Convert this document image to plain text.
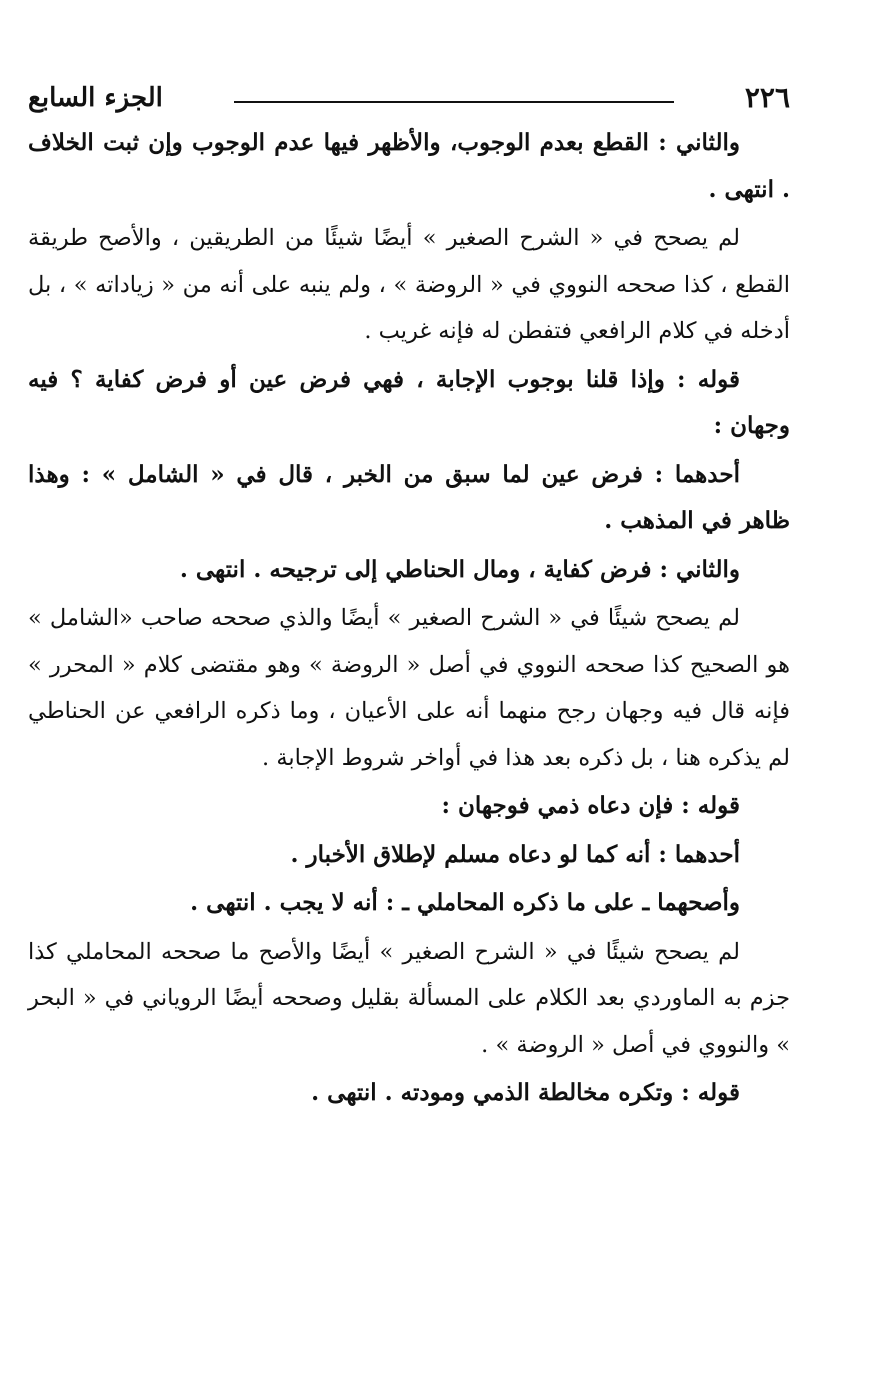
٢٢٦
الجزء السابع

والثاني : القطع بعدم الوجوب، والأظهر فيها عدم الوجوب وإن ثبت الخلاف . انتهى .

لم يصحح في « الشرح الصغير » أيضًا شيئًا من الطريقين ، والأصح طريقة القطع ، كذا صححه النووي في « الروضة » ، ولم ينبه على أنه من « زياداته » ، بل أدخله في كلام الرافعي فتفطن له فإنه غريب .

قوله : وإذا قلنا بوجوب الإجابة ، فهي فرض عين أو فرض كفاية ؟ فيه وجهان :

أحدهما : فرض عين لما سبق من الخبر ، قال في « الشامل » : وهذا ظاهر في المذهب .

والثاني : فرض كفاية ، ومال الحناطي إلى ترجيحه . انتهى .

لم يصحح شيئًا في « الشرح الصغير » أيضًا والذي صححه صاحب «الشامل » هو الصحيح كذا صححه النووي في أصل « الروضة » وهو مقتضى كلام « المحرر » فإنه قال فيه وجهان رجح منهما أنه على الأعيان ، وما ذكره الرافعي عن الحناطي لم يذكره هنا ، بل ذكره بعد هذا في أواخر شروط الإجابة .

قوله : فإن دعاه ذمي فوجهان :

أحدهما : أنه كما لو دعاه مسلم لإطلاق الأخبار .

وأصحهما ـ على ما ذكره المحاملي ـ : أنه لا يجب . انتهى .

لم يصحح شيئًا في « الشرح الصغير » أيضًا والأصح ما صححه المحاملي كذا جزم به الماوردي بعد الكلام على المسألة بقليل وصححه أيضًا الروياني في « البحر » والنووي في أصل « الروضة » .

قوله : وتكره مخالطة الذمي ومودته . انتهى .
